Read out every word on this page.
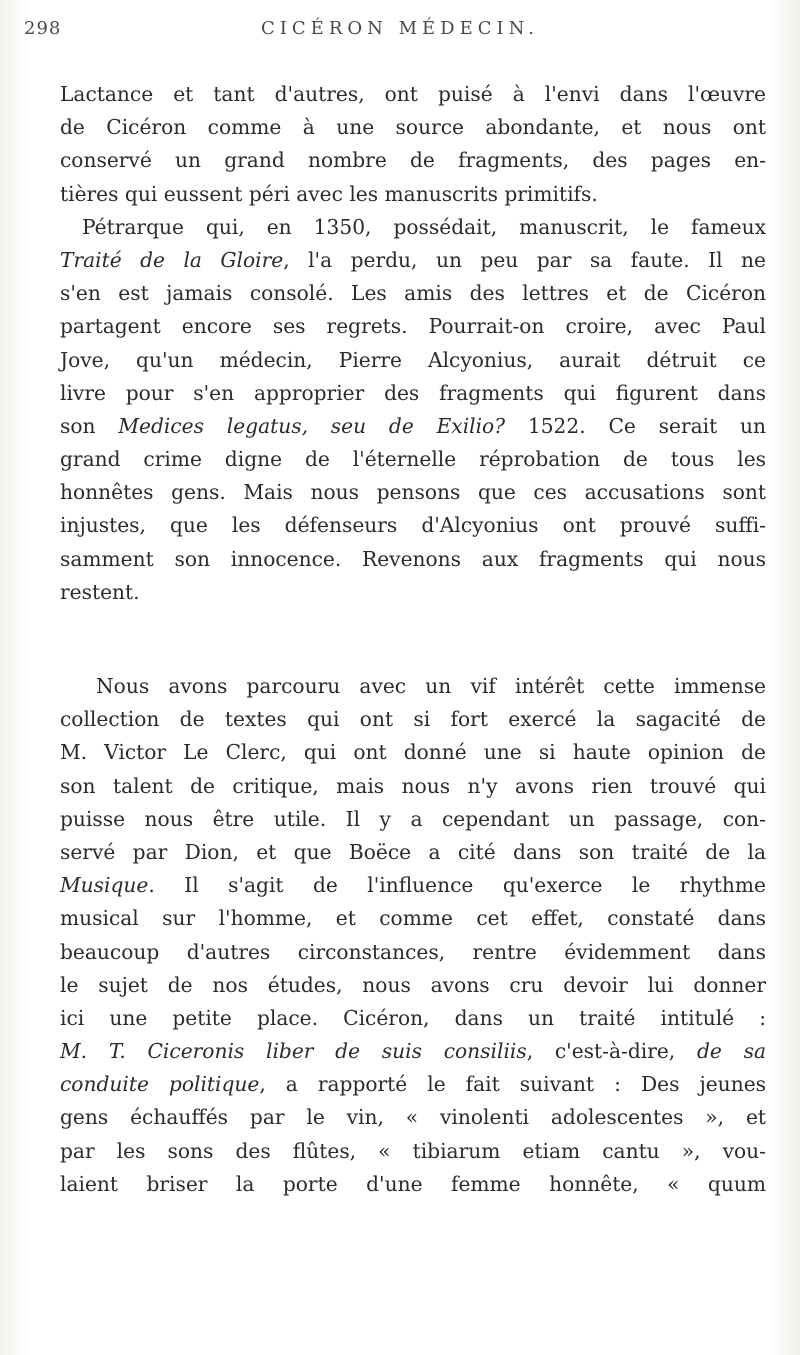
298	CICÉRON MÉDECIN.
Lactance et tant d'autres, ont puisé à l'envi dans l'œuvre
de Cicéron comme à une source abondante, et nous ont
conservé un grand nombre de fragments, des pages en-
tières qui eussent péri avec les manuscrits primitifs.
Pétrarque qui, en 1350, possédait, manuscrit, le fameux
Traité de la Gloire, l'a perdu, un peu par sa faute. Il ne
s'en est jamais consolé. Les amis des lettres et de Cicéron
partagent encore ses regrets. Pourrait-on croire, avec Paul
Jove, qu'un médecin, Pierre Alcyonius, aurait détruit ce
livre pour s'en approprier des fragments qui figurent dans
son Medices legatus, seu de Exilio? 1522. Ce serait un
grand crime digne de l'éternelle réprobation de tous les
honnêtes gens. Mais nous pensons que ces accusations sont
injustes, que les défenseurs d'Alcyonius ont prouvé suffi-
samment son innocence. Revenons aux fragments qui nous
restent.
Nous avons parcouru avec un vif intérêt cette immense
collection de textes qui ont si fort exercé la sagacité de
M. Victor Le Clerc, qui ont donné une si haute opinion de
son talent de critique, mais nous n'y avons rien trouvé qui
puisse nous être utile. Il y a cependant un passage, con-
servé par Dion, et que Boëce a cité dans son traité de la
Musique. Il s'agit de l'influence qu'exerce le rhythme
musical sur l'homme, et comme cet effet, constaté dans
beaucoup d'autres circonstances, rentre évidemment dans
le sujet de nos études, nous avons cru devoir lui donner
ici une petite place. Cicéron, dans un traité intitulé :
M. T. Ciceronis liber de suis consiliis, c'est-à-dire, de sa
conduite politique, a rapporté le fait suivant : Des jeunes
gens échauffés par le vin, « vinolenti adolescentes », et
par les sons des flûtes, « tibiarum etiam cantu », vou-
laient briser la porte d'une femme honnête, « quum
